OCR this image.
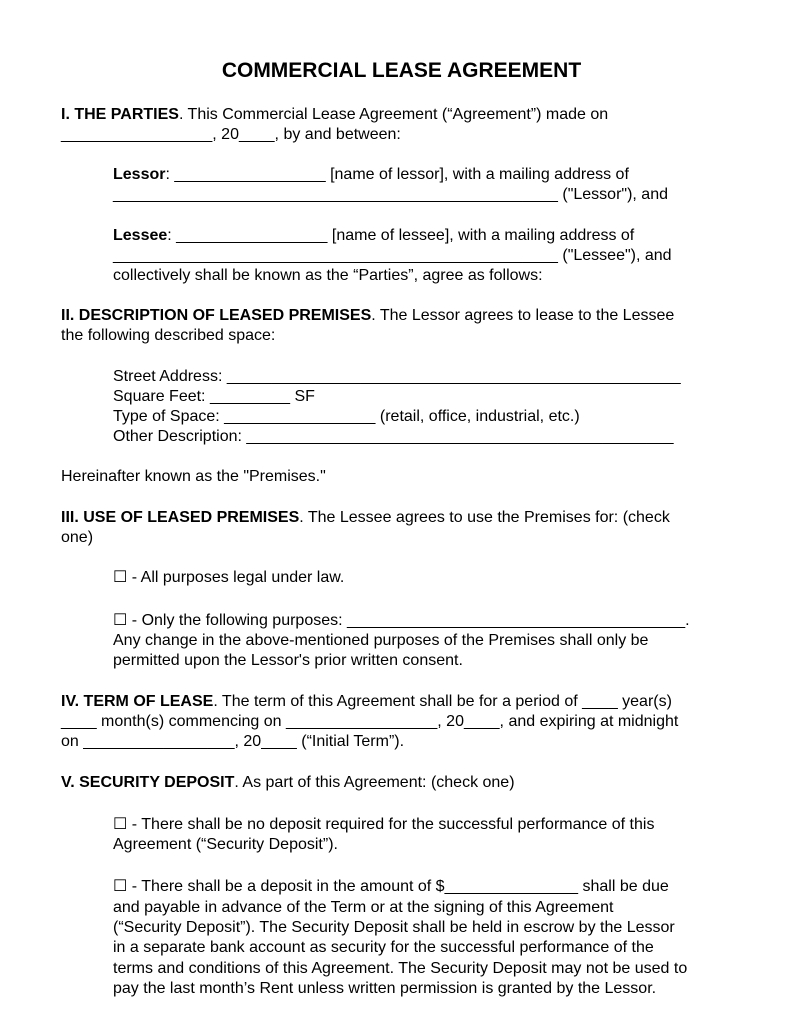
COMMERCIAL LEASE AGREEMENT

I. THE PARTIES. This Commercial Lease Agreement (“Agreement”) made on

_________________, 20____, by and between:

Lessor: _________________ [name of lessor], with a mailing address of

__________________________________________________ ("Lessor"), and

Lessee: _________________ [name of lessee], with a mailing address of

__________________________________________________ ("Lessee"), and

collectively shall be known as the “Parties”, agree as follows:

II. DESCRIPTION OF LEASED PREMISES. The Lessor agrees to lease to the Lessee

the following described space:

Street Address: ___________________________________________________

Square Feet: _________ SF

Type of Space: _________________ (retail, office, industrial, etc.)

Other Description: ________________________________________________

Hereinafter known as the "Premises."

III. USE OF LEASED PREMISES. The Lessee agrees to use the Premises for: (check

one)

☐ - All purposes legal under law.

☐ - Only the following purposes: ______________________________________.

Any change in the above-mentioned purposes of the Premises shall only be

permitted upon the Lessor's prior written consent.

IV. TERM OF LEASE. The term of this Agreement shall be for a period of ____ year(s)

____ month(s) commencing on _________________, 20____, and expiring at midnight

on _________________, 20____ (“Initial Term”).

V. SECURITY DEPOSIT. As part of this Agreement: (check one)

☐ - There shall be no deposit required for the successful performance of this

Agreement (“Security Deposit”).

☐ - There shall be a deposit in the amount of $_______________ shall be due

and payable in advance of the Term or at the signing of this Agreement

(“Security Deposit”). The Security Deposit shall be held in escrow by the Lessor

in a separate bank account as security for the successful performance of the

terms and conditions of this Agreement. The Security Deposit may not be used to

pay the last month’s Rent unless written permission is granted by the Lessor.
